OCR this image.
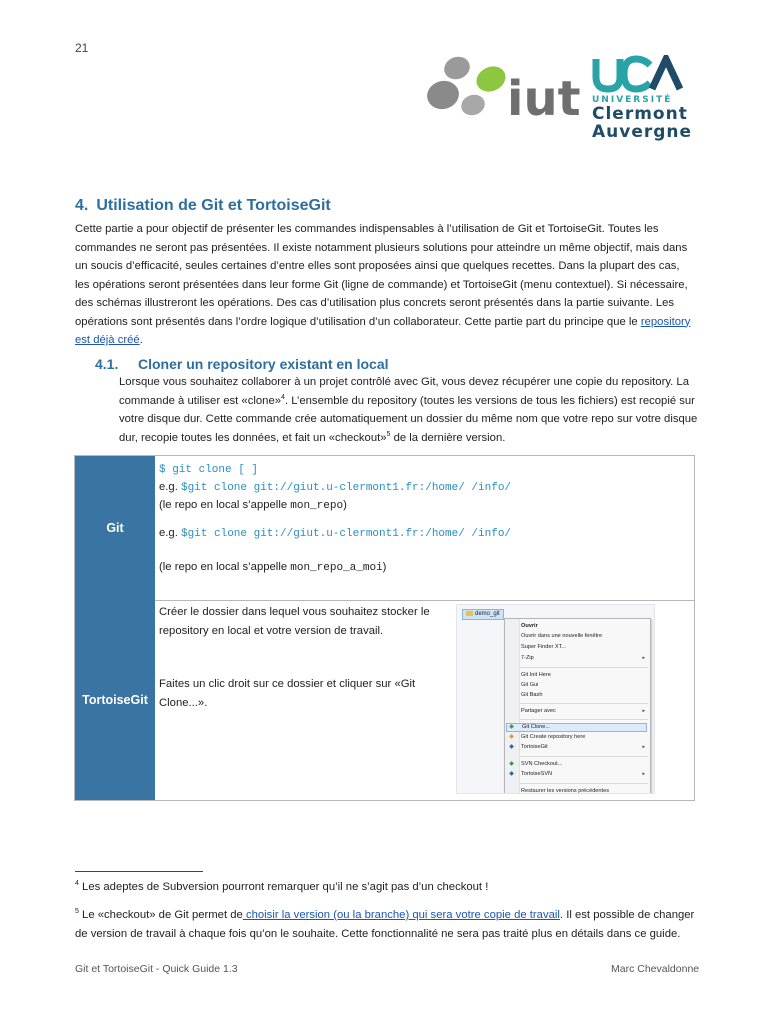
21
iut UNIVERSITÉ
Clermont
Auvergne
4. Utilisation de Git et TortoiseGit
Cette partie a pour objectif de présenter les commandes indispensables à l’utilisation de Git et TortoiseGit. Toutes les commandes ne seront pas présentées. Il existe notamment plusieurs solutions pour atteindre un même objectif, mais dans un soucis d’efficacité, seules certaines d’entre elles sont proposées ainsi que quelques recettes. Dans la plupart des cas, les opérations seront présentées dans leur forme Git (ligne de commande) et TortoiseGit (menu contextuel). Si nécessaire, des schémas illustreront les opérations. Des cas d’utilisation plus concrets seront présentés dans la partie suivante. Les opérations sont présentés dans l’ordre logique d’utilisation d’un collaborateur. Cette partie part du principe que le repository est déjà créé.
4.1. Cloner un repository existant en local
Lorsque vous souhaitez collaborer à un projet contrôlé avec Git, vous devez récupérer une copie du repository. La commande à utiliser est «clone»$^4$. L’ensemble du repository (toutes les versions de tous les fichiers) est recopié sur votre disque dur. Cette commande crée automatiquement un dossier du même nom que votre repo sur votre disque dur, recopie toutes les données, et fait un «checkout»$^5$ de la dernière version.
Git
$ git clone [ ]
e.g. $git clone git://giut.u-clermont1.fr:/home/ /info/
(le repo en local s’appelle mon_repo)
e.g. $git clone git://giut.u-clermont1.fr:/home/ /info/
(le repo en local s’appelle mon_repo_a_moi)
TortoiseGit
Créer le dossier dans lequel vous souhaitez stocker le repository en local et votre version de travail.
Faites un clic droit sur ce dossier et cliquer sur «Git Clone...».
demo_git
Ouvrir
Ouvrir dans une nouvelle fenêtre
Super Finder XT...
7-Zip	▸
Git Init Here
Git Gui
Git Bash
Partager avec	▸
Git Clone...
◆
Git Create repository here
◆
TortoiseGit
◆	▸
SVN Checkout...
◆
TortoiseSVN
◆	▸
Restaurer les versions précédentes
$^4$ Les adeptes de Subversion pourront remarquer qu’il ne s’agit pas d’un checkout !
$^5$ Le «checkout» de Git permet de choisir la version (ou la branche) qui sera votre copie de travail. Il est possible de changer de version de travail à chaque fois qu’on le souhaite. Cette fonctionnalité ne sera pas traité plus en détails dans ce guide.
Git et TortoiseGit - Quick Guide 1.3	Marc Chevaldonne
